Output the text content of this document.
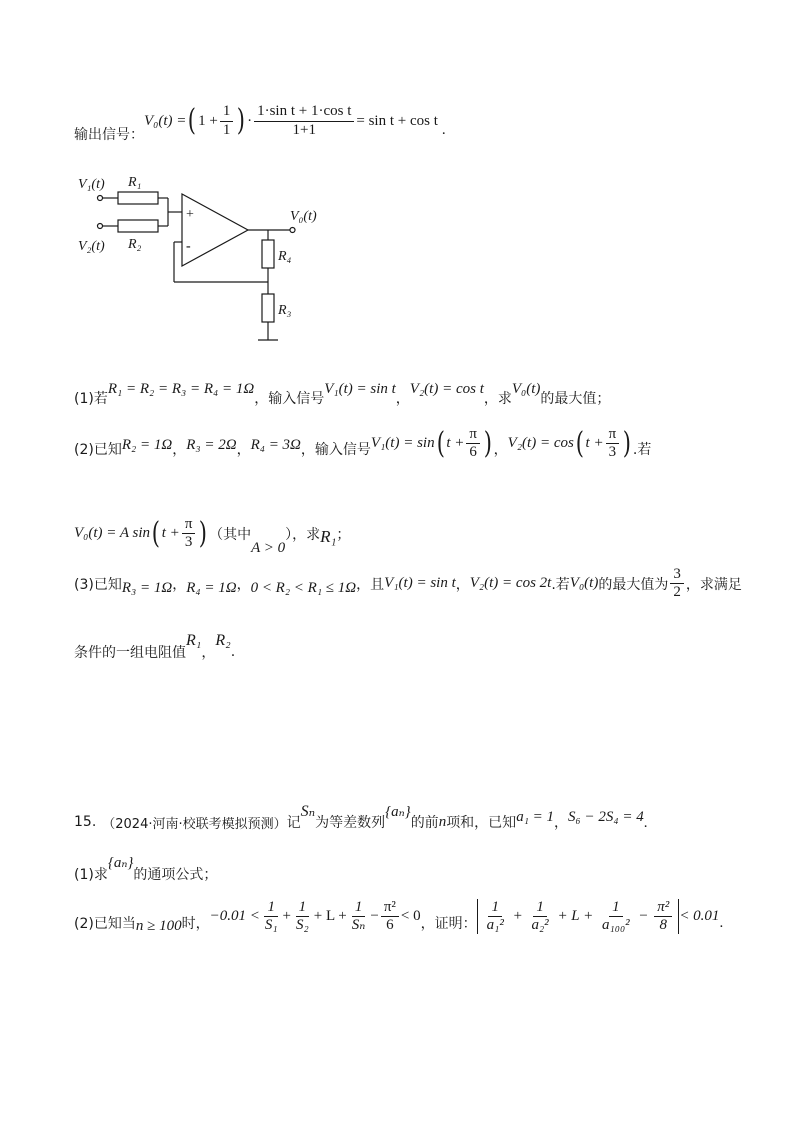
输出信号：
V₀(t) = ( $1 + \frac{1}{1}$ ) · $\frac{\text{1·sin t + 1·cos t}}{1+1} = \sin t + \cos t$
.
V₁(t) R₁
V₂(t) R₂
+
-
V₀(t)
R₄
R₃
(1)若
R₁ = R₂ = R₃ = R₄ = 1Ω
，输入信号
V₁(t) = sin t
，
V₂(t) = cos t
，求
V₀(t)
的最大值；
(2)已知 R₂ = 1Ω ， R₃ = 2Ω ， R₄ = 3Ω ，输入信号 V₁(t) = sin ( $t + \frac{\pi}{6}$ ) ， V₂(t) = cos ( $t + \frac{\pi}{3}$ ) .若
V₀(t) = A sin ( $t + \frac{\pi}{3}$ ) （其中
A > 0
），求 R₁ ；
(3)已知 R₃ = 1Ω ， R₄ = 1Ω ， 0 < R₂ < R₁ ≤ 1Ω ，且 V₁(t) = sin t ， V₂(t) = cos 2t .若 V₀(t) 的最大值为 $\frac{3}{2}$ ，求满足
条件的一组电阻值
R₁
，
R₂
.
15. （2024·河南·校联考模拟预测） 记
Sₙ
为等差数列
{aₙ}
的前 n 项和，已知 a₁ = 1 ， S₆ − 2S₄ = 4 .
(1)求
{aₙ}
的通项公式；
(2)已知当 n ≥ 100 时， $-0.01 < \frac{1}{\text{S₁}} + \frac{1}{\text{S₂}} + L + \frac{1}{\text{Sₙ}} - \frac{\text{π²}}{6} < 0$ ，证明： $\frac{1}{\text{a₁²}} + \frac{1}{\text{a₂²}} + L + \frac{1}{\text{a₁₀₀²}} - \frac{\text{π²}}{8} < 0.01$ .
